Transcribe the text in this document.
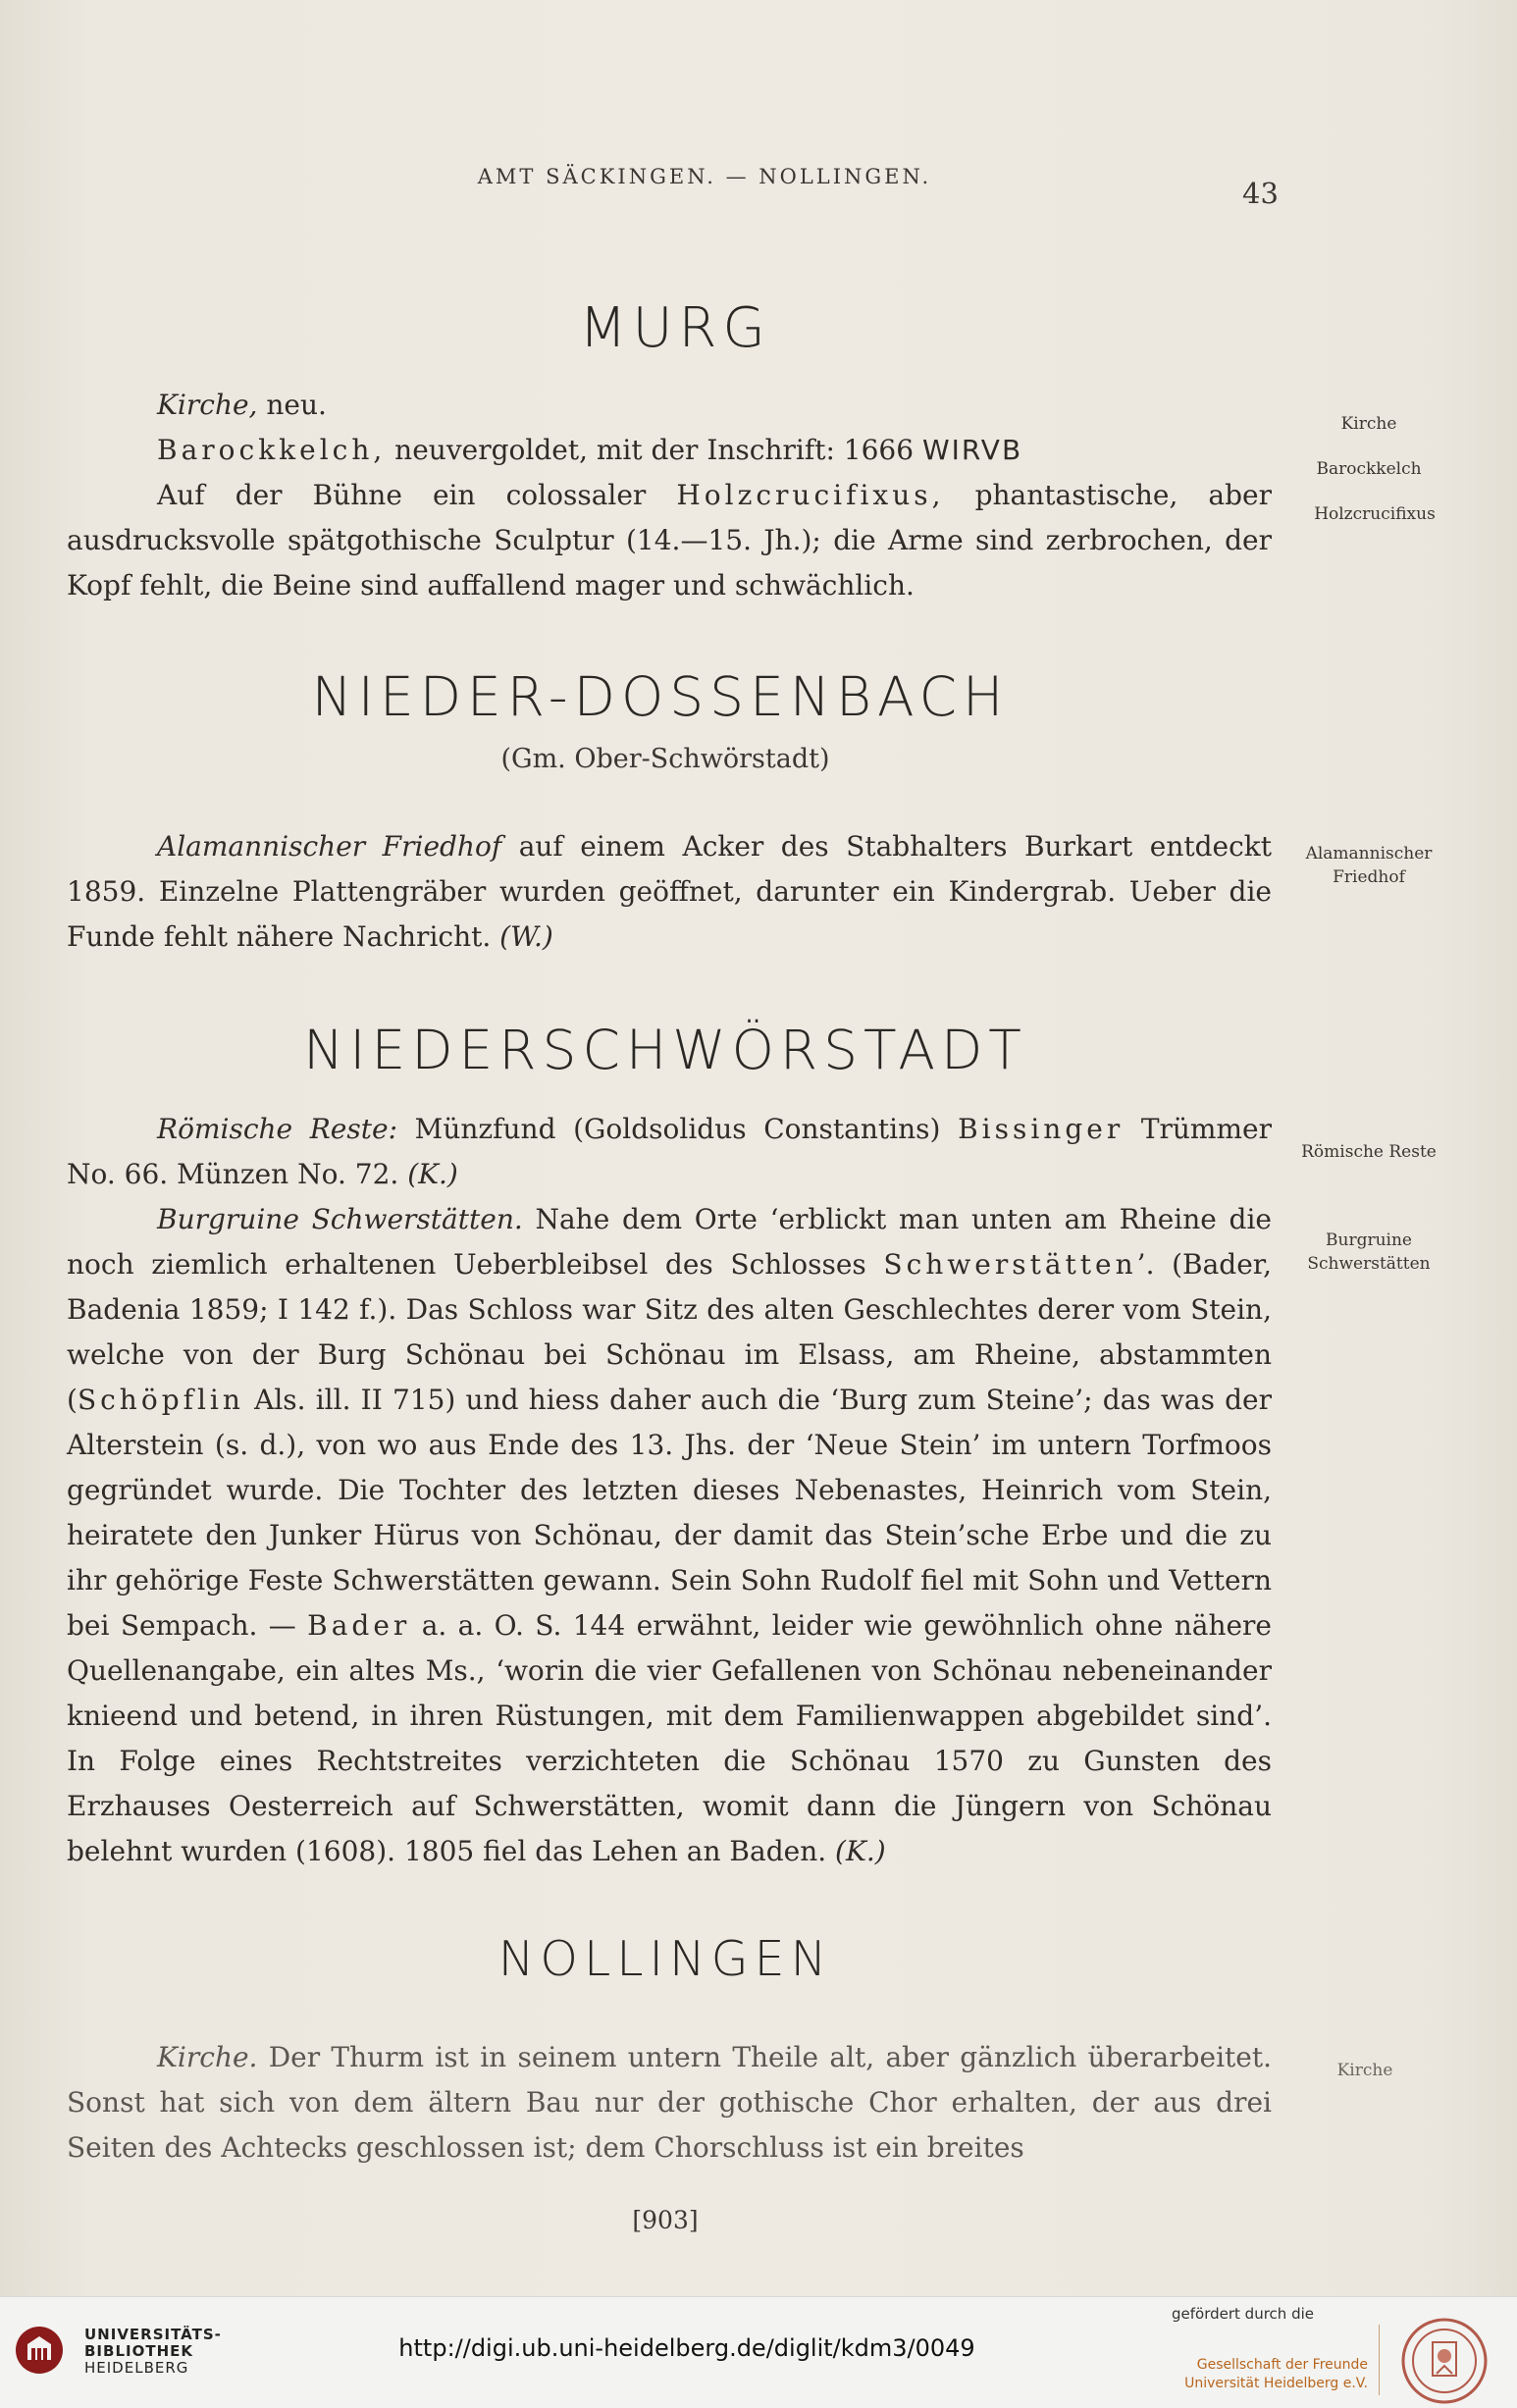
AMT SÄCKINGEN. — NOLLINGEN.	43
MURG

Kirche, neu.

Barockkelch, neuvergoldet, mit der Inschrift: 1666 WIRVB

Auf der Bühne ein colossaler Holzcrucifixus, phantastische, aber ausdrucksvolle spätgothische Sculptur (14.—15. Jh.); die Arme sind zerbrochen, der Kopf fehlt, die Beine sind auffallend mager und schwächlich.

Kirche
Barockkelch
Holzcrucifixus
NIEDER-DOSSENBACH
(Gm. Ober-Schwörstadt)

Alamannischer Friedhof auf einem Acker des Stabhalters Burkart entdeckt 1859. Einzelne Plattengräber wurden geöffnet, darunter ein Kindergrab. Ueber die Funde fehlt nähere Nachricht. (W.)

Alamannischer
Friedhof
NIEDERSCHWÖRSTADT

Römische Reste: Münzfund (Goldsolidus Constantins) Bissinger Trümmer No. 66. Münzen No. 72. (K.)

Burgruine Schwerstätten. Nahe dem Orte ‘erblickt man unten am Rheine die noch ziemlich erhaltenen Ueberbleibsel des Schlosses Schwerstätten’. (Bader, Badenia 1859; I 142 f.). Das Schloss war Sitz des alten Geschlechtes derer vom Stein, welche von der Burg Schönau bei Schönau im Elsass, am Rheine, abstammten (Schöpflin Als. ill. II 715) und hiess daher auch die ‘Burg zum Steine’; das was der Alterstein (s. d.), von wo aus Ende des 13. Jhs. der ‘Neue Stein’ im untern Torfmoos gegründet wurde. Die Tochter des letzten dieses Nebenastes, Heinrich vom Stein, heiratete den Junker Hürus von Schönau, der damit das Stein’sche Erbe und die zu ihr gehörige Feste Schwerstätten gewann. Sein Sohn Rudolf fiel mit Sohn und Vettern bei Sempach. — Bader a. a. O. S. 144 erwähnt, leider wie gewöhnlich ohne nähere Quellenangabe, ein altes Ms., ‘worin die vier Gefallenen von Schönau nebeneinander knieend und betend, in ihren Rüstungen, mit dem Familienwappen abgebildet sind’. In Folge eines Rechtstreites verzichteten die Schönau 1570 zu Gunsten des Erzhauses Oesterreich auf Schwerstätten, womit dann die Jüngern von Schönau belehnt wurden (1608). 1805 fiel das Lehen an Baden. (K.)

Römische Reste
Burgruine
Schwerstätten
NOLLINGEN

Kirche. Der Thurm ist in seinem untern Theile alt, aber gänzlich überarbeitet. Sonst hat sich von dem ältern Bau nur der gothische Chor erhalten, der aus drei Seiten des Achtecks geschlossen ist; dem Chorschluss ist ein breites

Kirche
[903]
UNIVERSITÄTS-
BIBLIOTHEK
HEIDELBERG
http://digi.ub.uni-heidelberg.de/diglit/kdm3/0049
gefördert durch die
Gesellschaft der Freunde
Universität Heidelberg e.V.
